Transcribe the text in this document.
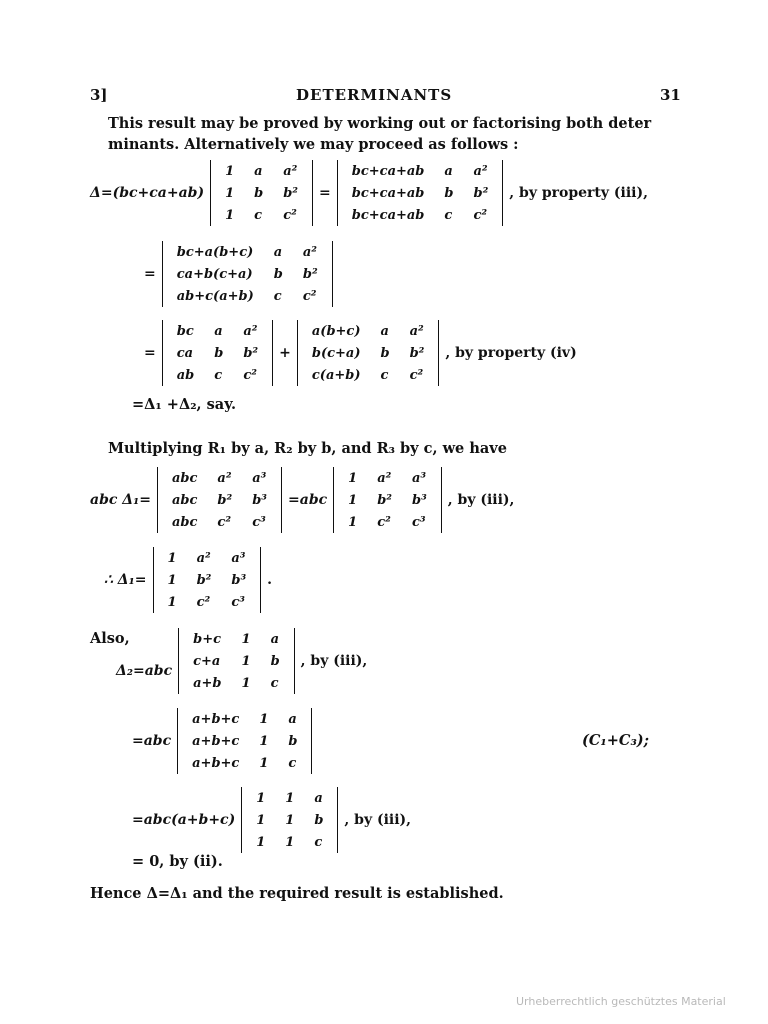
3]	DETERMINANTS	31
This result may be proved by working out or factorising both deter minants. Alternatively we may proceed as follows :
Δ=(bc+ca+ab)
1	a	a²
1	b	b²
1	c	c²
=
bc+ca+ab	a	a²
bc+ca+ab	b	b²
bc+ca+ab	c	c²
, by property (iii),
=
bc+a(b+c)	a	a²
ca+b(c+a)	b	b²
ab+c(a+b)	c	c²
=
bc	a	a²
ca	b	b²
ab	c	c²
+
a(b+c)	a	a²
b(c+a)	b	b²
c(a+b)	c	c²
, by property (iv)
=Δ₁ +Δ₂, say.
Multiplying R₁ by a, R₂ by b, and R₃ by c, we have
abc Δ₁=
abc	a²	a³
abc	b²	b³
abc	c²	c³
=abc
1	a²	a³
1	b²	b³
1	c²	c³
, by (iii),
∴ Δ₁=
1	a²	a³
1	b²	b³
1	c²	c³
.
Also,
Δ₂=abc
b+c	1	a
c+a	1	b
a+b	1	c
, by (iii),
=abc
a+b+c	1	a
a+b+c	1	b
a+b+c	1	c
(C₁+C₃);
=abc(a+b+c)
1	1	a
1	1	b
1	1	c
, by (iii),
= 0, by (ii).
Hence Δ=Δ₁ and the required result is established.
Urheberrechtlich geschütztes Material
